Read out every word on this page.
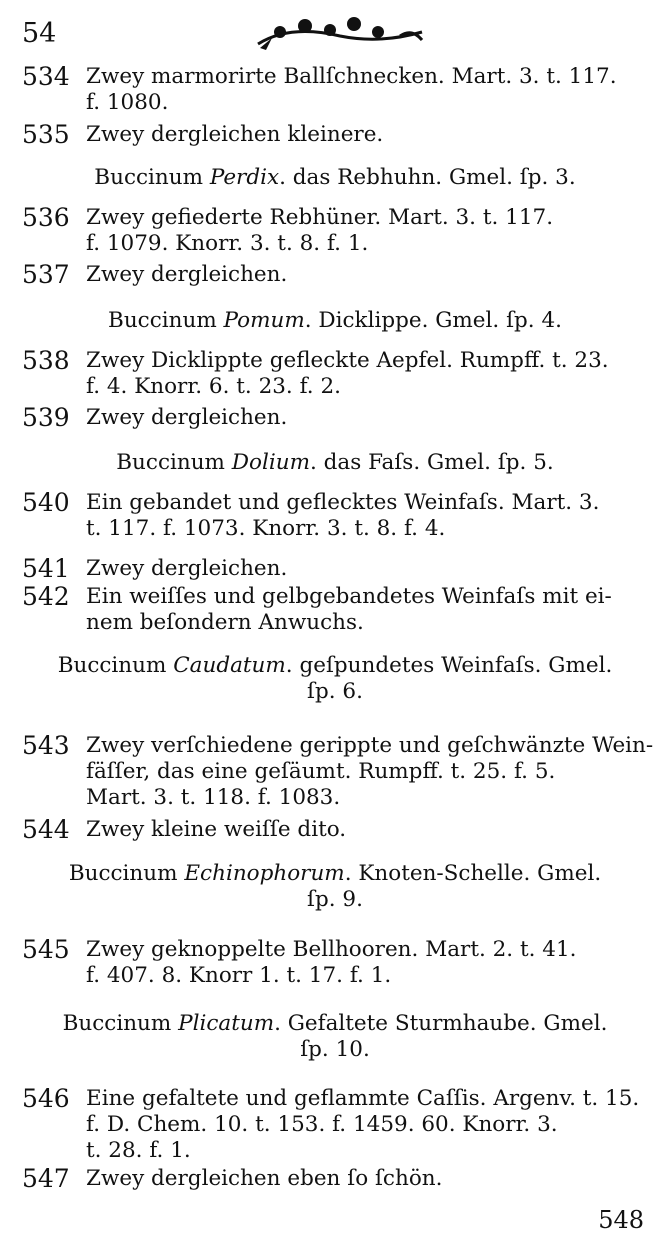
54
534 Zwey marmorirte Ballſchnecken. Mart. 3. t. 117.
f. 1080.
535 Zwey dergleichen kleinere.
Buccinum Perdix. das Rebhuhn. Gmel. ſp. 3.
536 Zwey gefiederte Rebhüner. Mart. 3. t. 117.
f. 1079. Knorr. 3. t. 8. f. 1.
537 Zwey dergleichen.
Buccinum Pomum. Dicklippe. Gmel. ſp. 4.
538 Zwey Dicklippte gefleckte Aepfel. Rumpff. t. 23.
f. 4. Knorr. 6. t. 23. f. 2.
539 Zwey dergleichen.
Buccinum Dolium. das Faſs. Gmel. ſp. 5.
540 Ein gebandet und geflecktes Weinfaſs. Mart. 3.
t. 117. f. 1073. Knorr. 3. t. 8. f. 4.
541 Zwey dergleichen.
542 Ein weiſſes und gelbgebandetes Weinfaſs mit ei-
nem beſondern Anwuchs.
Buccinum Caudatum. geſpundetes Weinfaſs. Gmel.
ſp. 6.
543 Zwey verſchiedene gerippte und geſchwänzte Wein-
fäſſer, das eine geſäumt. Rumpff. t. 25. f. 5.
Mart. 3. t. 118. f. 1083.
544 Zwey kleine weiſſe dito.
Buccinum Echinophorum. Knoten-Schelle. Gmel.
ſp. 9.
545 Zwey geknoppelte Bellhooren. Mart. 2. t. 41.
f. 407. 8. Knorr 1. t. 17. f. 1.
Buccinum Plicatum. Gefaltete Sturmhaube. Gmel.
ſp. 10.
546 Eine gefaltete und geflammte Caſſis. Argenv. t. 15.
f. D. Chem. 10. t. 153. f. 1459. 60. Knorr. 3.
t. 28. f. 1.
547 Zwey dergleichen eben ſo ſchön.
548
